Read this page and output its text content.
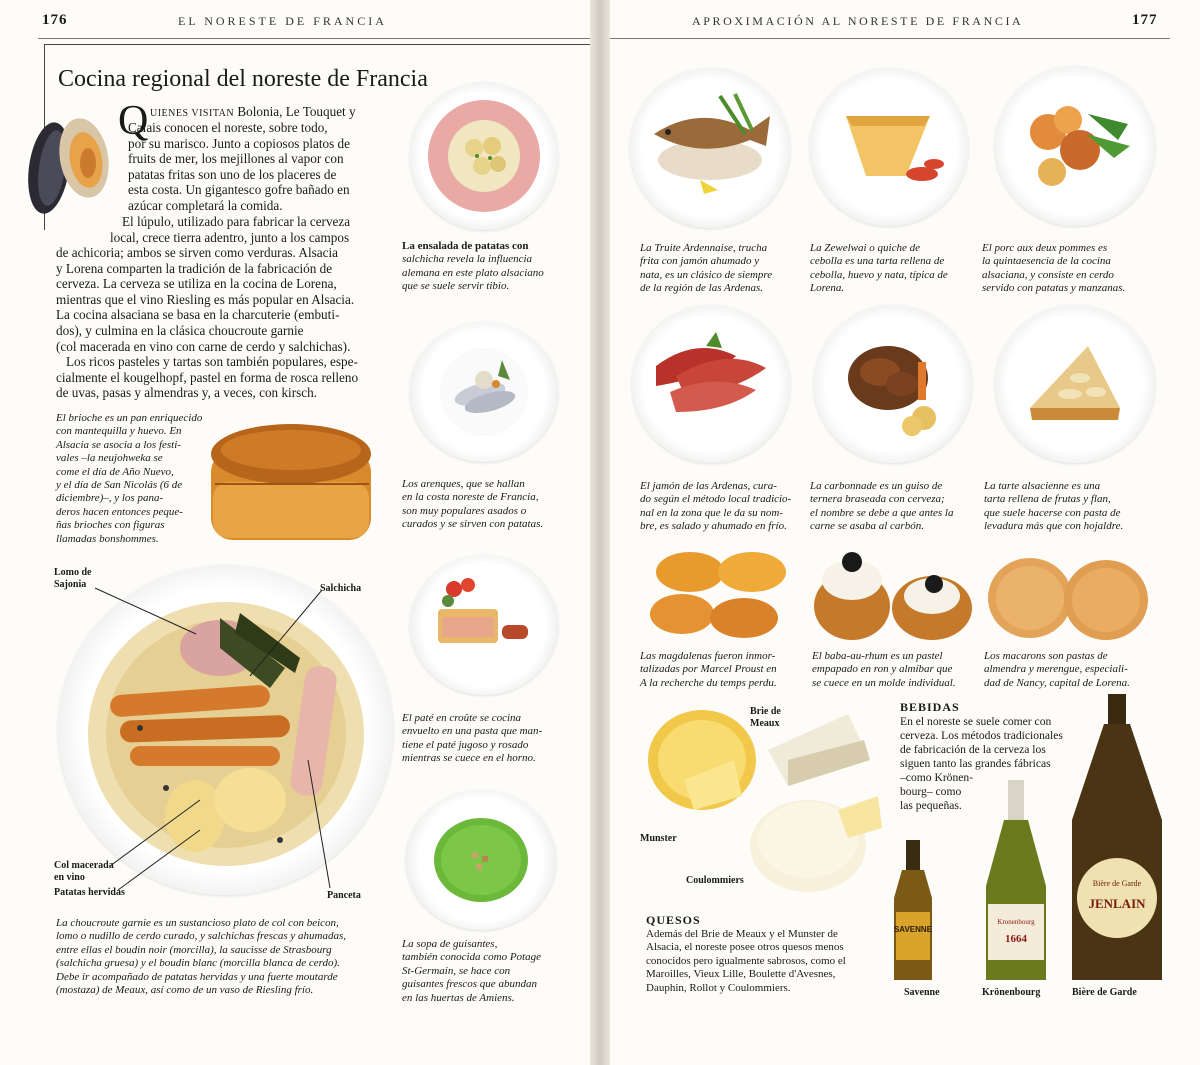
176	EL NORESTE DE FRANCIA
Cocina regional del noreste de Francia
Q UIENES VISITAN Bolonia, Le Touquet y
Calais conocen el noreste, sobre todo,
por su marisco. Junto a copiosos platos de
fruits de mer, los mejillones al vapor con
patatas fritas son uno de los placeres de
esta costa. Un gigantesco gofre bañado en
azúcar completará la comida.
El lúpulo, utilizado para fabricar la cerveza
local, crece tierra adentro, junto a los campos
de achicoria; ambos se sirven como verduras. Alsacia
y Lorena comparten la tradición de la fabricación de
cerveza. La cerveza se utiliza en la cocina de Lorena,
mientras que el vino Riesling es más popular en Alsacia.
La cocina alsaciana se basa en la charcuterie (embuti-
dos), y culmina en la clásica choucroute garnie
(col macerada en vino con carne de cerdo y salchichas).
Los ricos pasteles y tartas son también populares, espe-
cialmente el kougelhopf, pastel en forma de rosca relleno
de uvas, pasas y almendras y, a veces, con kirsch.
El brioche es un pan enriquecido
con mantequilla y huevo. En
Alsacia se asocia a los festi-
vales –la neujohweka se
come el día de Año Nuevo,
y el día de San Nicolás (6 de
diciembre)–, y los pana-
deros hacen entonces peque-
ñas brioches con figuras
llamadas bonshommes.
Lomo de
Sajonia	Salchicha
Col macerada
en vino
Patatas hervidas	Panceta
La choucroute garnie es un sustancioso plato de col con beicon,
lomo o nudillo de cerdo curado, y salchichas frescas y ahumadas,
entre ellas el boudin noir (morcilla), la saucisse de Strasbourg
(salchicha gruesa) y el boudin blanc (morcilla blanca de cerdo).
Debe ir acompañado de patatas hervidas y una fuerte moutarde
(mostaza) de Meaux, así como de un vaso de Riesling frío.
La ensalada de patatas con
salchicha revela la influencia
alemana en este plato alsaciano
que se suele servir tibio.
Los arenques, que se hallan
en la costa noreste de Francia,
son muy populares asados o
curados y se sirven con patatas.
El paté en croûte se cocina
envuelto en una pasta que man-
tiene el paté jugoso y rosado
mientras se cuece en el horno.
La sopa de guisantes,
también conocida como Potage
St-Germain, se hace con
guisantes frescos que abundan
en las huertas de Amiens.
APROXIMACIÓN AL NORESTE DE FRANCIA	177
La Truite Ardennaise, trucha
frita con jamón ahumado y
nata, es un clásico de siempre
de la región de las Ardenas.
La Zewelwai o quiche de
cebolla es una tarta rellena de
cebolla, huevo y nata, típica de
Lorena.
El porc aux deux pommes es
la quintaesencia de la cocina
alsaciana, y consiste en cerdo
servido con patatas y manzanas.
El jamón de las Ardenas, cura-
do según el método local tradicio-
nal en la zona que le da su nom-
bre, es salado y ahumado en frío.
La carbonnade es un guiso de
ternera braseada con cerveza;
el nombre se debe a que antes la
carne se asaba al carbón.
La tarte alsacienne es una
tarta rellena de frutas y flan,
que suele hacerse con pasta de
levadura más que con hojaldre.
Las magdalenas fueron inmor-
talizadas por Marcel Proust en
A la recherche du temps perdu.
El baba-au-rhum es un pastel
empapado en ron y almíbar que
se cuece en un molde individual.
Los macarons son pastas de
almendra y merengue, especiali-
dad de Nancy, capital de Lorena.
Brie de
Meaux
Munster
Coulommiers
QUESOS
Además del Brie de Meaux y el Munster de
Alsacia, el noreste posee otros quesos menos
conocidos pero igualmente sabrosos, como el
Maroilles, Vieux Lille, Boulette d'Avesnes,
Dauphin, Rollot y Coulommiers.
BEBIDAS
En el noreste se suele comer con
cerveza. Los métodos tradicionales
de fabricación de la cerveza los
siguen tanto las grandes fábricas
–como Krönen-
bourg– como
las pequeñas.
SAVENNE
Kronenbourg
1664
Bière de Garde
JENLAIN
Savenne	Krönenbourg	Bière de Garde
